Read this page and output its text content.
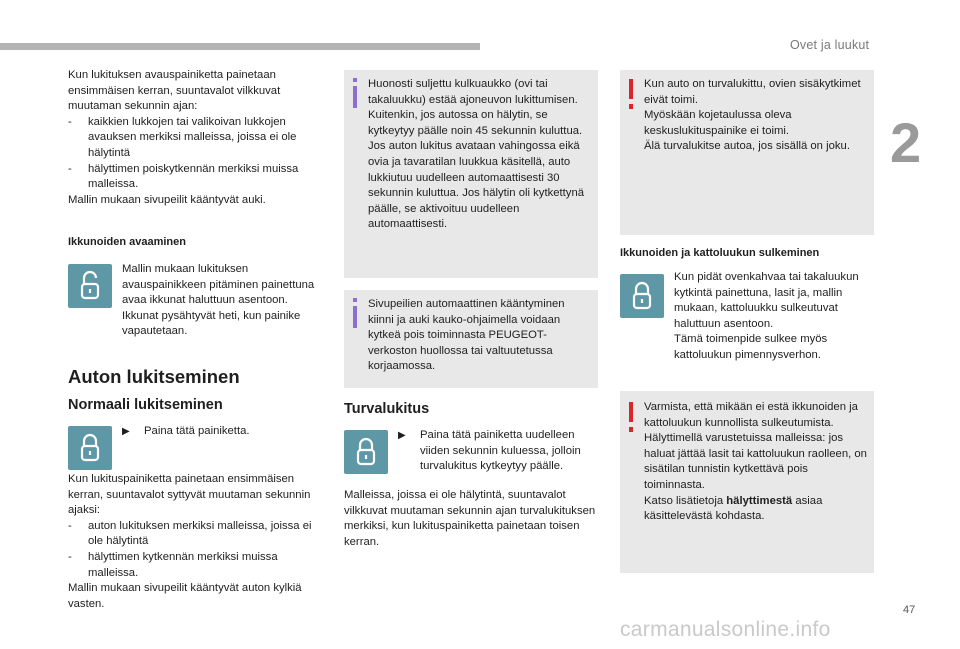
Ovet ja luukut
2

Kun lukituksen avauspainiketta painetaan ensimmäisen kerran, suuntavalot vilkkuvat muutaman sekunnin ajan:

-	kaikkien lukkojen tai valikoivan lukkojen avauksen merkiksi malleissa, joissa ei ole hälytintä
-	hälyttimen poiskytkennän merkiksi muissa malleissa.

Mallin mukaan sivupeilit kääntyvät auki.

Ikkunoiden avaaminen

Mallin mukaan lukituksen avauspainikkeen pitäminen painettuna avaa ikkunat haluttuun asentoon.

Ikkunat pysähtyvät heti, kun painike vapautetaan.

Auton lukitseminen
Normaali lukitseminen
▶	Paina tätä painiketta.

Kun lukituspainiketta painetaan ensimmäisen kerran, suuntavalot syttyvät muutaman sekunnin ajaksi:

-	auton lukituksen merkiksi malleissa, joissa ei ole hälytintä
-	hälyttimen kytkennän merkiksi muissa malleissa.

Mallin mukaan sivupeilit kääntyvät auton kylkiä vasten.

Huonosti suljettu kulkuaukko (ovi tai takaluukku) estää ajoneuvon lukittumisen. Kuitenkin, jos autossa on hälytin, se kytkeytyy päälle noin 45 sekunnin kuluttua.

Jos auton lukitus avataan vahingossa eikä ovia ja tavaratilan luukkua käsitellä, auto lukkiutuu uudelleen automaattisesti 30 sekunnin kuluttua. Jos hälytin oli kytkettynä päälle, se aktivoituu uudelleen automaattisesti.

Sivupeilien automaattinen kääntyminen kiinni ja auki kauko-ohjaimella voidaan kytkeä pois toiminnasta PEUGEOT-verkoston huollossa tai valtuutetussa korjaamossa.

Turvalukitus
▶	Paina tätä painiketta uudelleen viiden sekunnin kuluessa, jolloin turvalukitus kytkeytyy päälle.
Malleissa, joissa ei ole hälytintä, suuntavalot vilkkuvat muutaman sekunnin ajan turvalukituksen merkiksi, kun lukituspainiketta painetaan toisen kerran.

Kun auto on turvalukittu, ovien sisäkytkimet eivät toimi.

Myöskään kojetaulussa oleva keskuslukituspainike ei toimi.

Älä turvalukitse autoa, jos sisällä on joku.

Ikkunoiden ja kattoluukun sulkeminen

Kun pidät ovenkahvaa tai takaluukun kytkintä painettuna, lasit ja, mallin mukaan, kattoluukku sulkeutuvat haluttuun asentoon.

Tämä toimenpide sulkee myös kattoluukun pimennysverhon.

Varmista, että mikään ei estä ikkunoiden ja kattoluukun kunnollista sulkeutumista.

Hälyttimellä varustetuissa malleissa: jos haluat jättää lasit tai kattoluukun raolleen, on sisätilan tunnistin kytkettävä pois toiminnasta.

Katso lisätietoja hälyttimestä asiaa käsittelevästä kohdasta.

47
carmanualsonline.info
